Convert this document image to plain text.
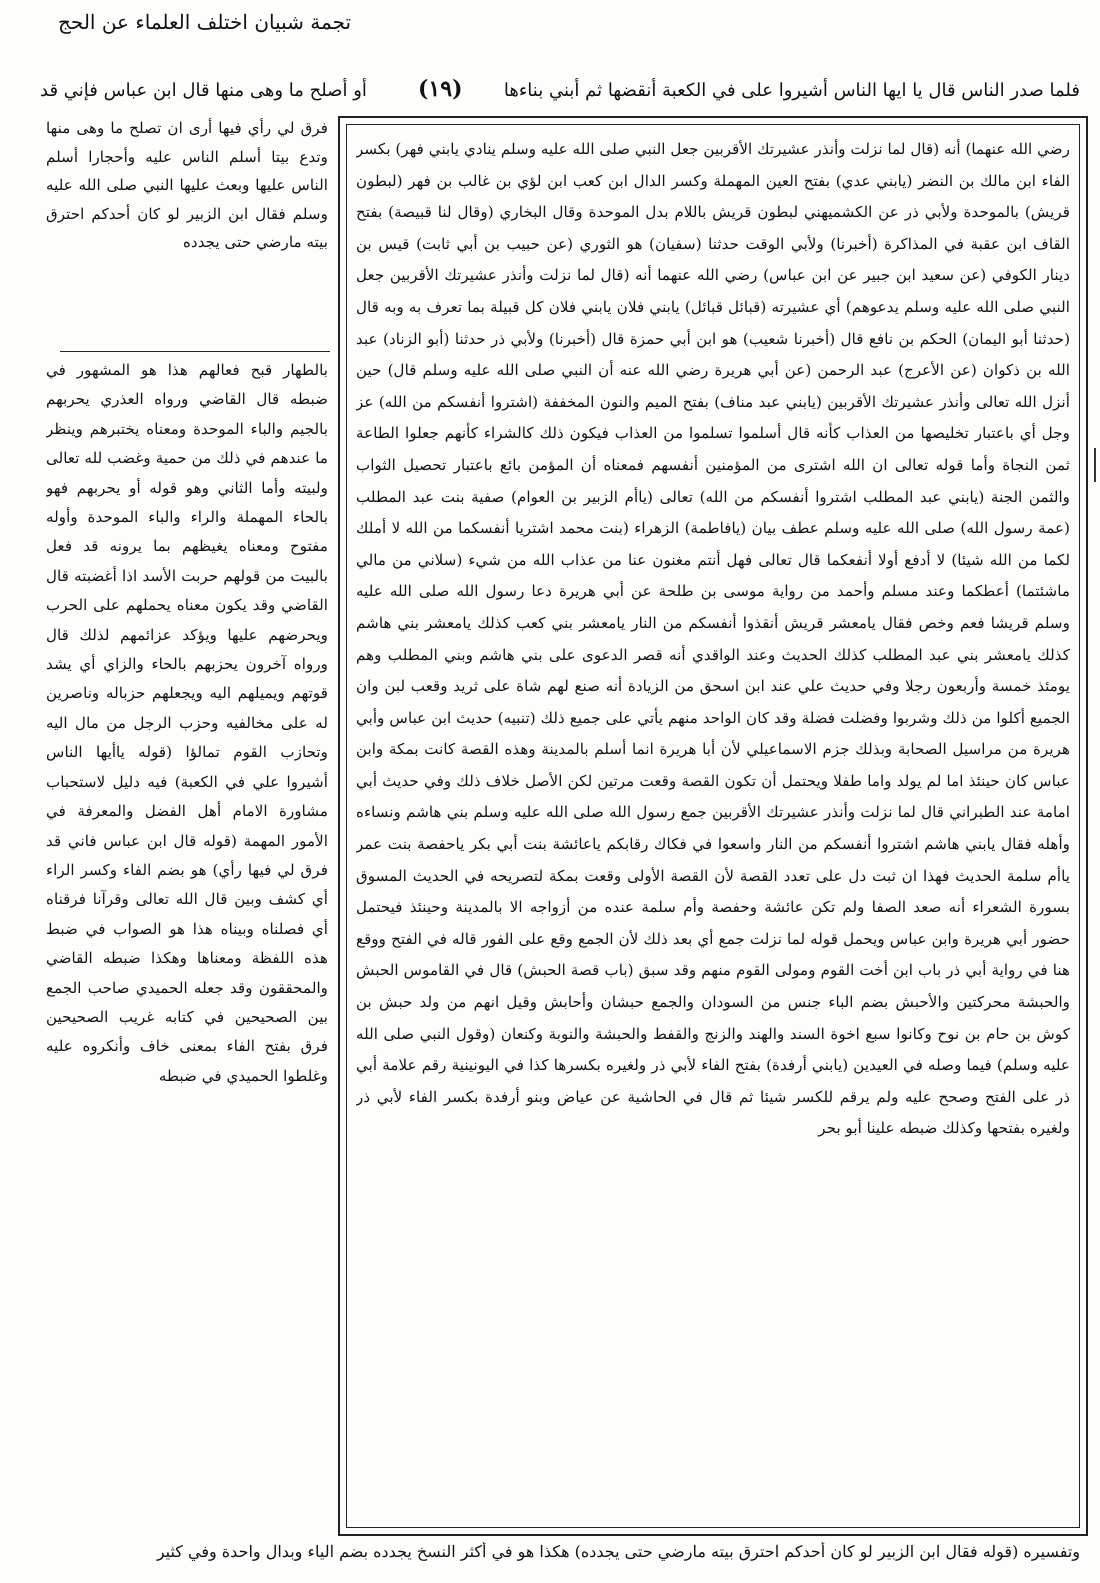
تجمة شبيان اختلف العلماء عن الحج
فلما صدر الناس قال يا ايها الناس أشيروا على في الكعبة أنقضها ثم أبني بناءها
(١٩)
أو أصلح ما وهى منها قال ابن عباس فإني قد
رضي الله عنهما) أنه (قال لما نزلت وأنذر عشيرتك الأقربين جعل النبي صلى الله عليه وسلم ينادي يابني فهر) بكسر الفاء ابن مالك بن النضر (يابني عدي) بفتح العين المهملة وكسر الدال ابن كعب ابن لؤي بن غالب بن فهر (لبطون قريش) بالموحدة ولأبي ذر عن الكشميهني لبطون قريش باللام بدل الموحدة وقال البخاري (وقال لنا قبيصة) بفتح القاف ابن عقبة في المذاكرة (أخبرنا) ولأبي الوقت حدثنا (سفيان) هو الثوري (عن حبيب بن أبي ثابت) قيس بن دينار الكوفي (عن سعيد ابن جبير عن ابن عباس) رضي الله عنهما أنه (قال لما نزلت وأنذر عشيرتك الأقربين جعل النبي صلى الله عليه وسلم يدعوهم) أي عشيرته (قبائل قبائل) يابني فلان يابني فلان كل قبيلة بما تعرف به وبه قال (حدثنا أبو اليمان) الحكم بن نافع قال (أخبرنا شعيب) هو ابن أبي حمزة قال (أخبرنا) ولأبي ذر حدثنا (أبو الزناد) عبد الله بن ذكوان (عن الأعرج) عبد الرحمن (عن أبي هريرة رضي الله عنه أن النبي صلى الله عليه وسلم قال) حين أنزل الله تعالى وأنذر عشيرتك الأقربين (يابني عبد مناف) بفتح الميم والنون المخففة (اشتروا أنفسكم من الله) عز وجل أي باعتبار تخليصها من العذاب كأنه قال أسلموا تسلموا من العذاب فيكون ذلك كالشراء كأنهم جعلوا الطاعة ثمن النجاة وأما قوله تعالى ان الله اشترى من المؤمنين أنفسهم فمعناه أن المؤمن بائع باعتبار تحصيل الثواب والثمن الجنة (يابني عبد المطلب اشتروا أنفسكم من الله) تعالى (ياأم الزبير بن العوام) صفية بنت عبد المطلب (عمة رسول الله) صلى الله عليه وسلم عطف بيان (يافاطمة) الزهراء (بنت محمد اشتريا أنفسكما من الله لا أملك لكما من الله شيئا) لا أدفع أولا أنفعكما قال تعالى فهل أنتم مغنون عنا من عذاب الله من شيء (سلاني من مالي ماشئتما) أعطكما وعند مسلم وأحمد من رواية موسى بن طلحة عن أبي هريرة دعا رسول الله صلى الله عليه وسلم قريشا فعم وخص فقال يامعشر قريش أنقذوا أنفسكم من النار يامعشر بني كعب كذلك يامعشر بني هاشم كذلك يامعشر بني عبد المطلب كذلك الحديث وعند الواقدي أنه قصر الدعوى على بني هاشم وبني المطلب وهم يومئذ خمسة وأربعون رجلا وفي حديث علي عند ابن اسحق من الزيادة أنه صنع لهم شاة على ثريد وقعب لبن وان الجميع أكلوا من ذلك وشربوا وفضلت فضلة وقد كان الواحد منهم يأتي على جميع ذلك (تنبيه) حديث ابن عباس وأبي هريرة من مراسيل الصحابة وبذلك جزم الاسماعيلي لأن أبا هريرة انما أسلم بالمدينة وهذه القصة كانت بمكة وابن عباس كان حينئذ اما لم يولد واما طفلا ويحتمل أن تكون القصة وقعت مرتين لكن الأصل خلاف ذلك وفي حديث أبي امامة عند الطبراني قال لما نزلت وأنذر عشيرتك الأقربين جمع رسول الله صلى الله عليه وسلم بني هاشم ونساءه وأهله فقال يابني هاشم اشتروا أنفسكم من النار واسعوا في فكاك رقابكم ياعائشة بنت أبي بكر ياحفصة بنت عمر ياأم سلمة الحديث فهذا ان ثبت دل على تعدد القصة لأن القصة الأولى وقعت بمكة لتصريحه في الحديث المسوق بسورة الشعراء أنه صعد الصفا ولم تكن عائشة وحفصة وأم سلمة عنده من أزواجه الا بالمدينة وحينئذ فيحتمل حضور أبي هريرة وابن عباس ويحمل قوله لما نزلت جمع أي بعد ذلك لأن الجمع وقع على الفور قاله في الفتح ووقع هنا في رواية أبي ذر باب ابن أخت القوم ومولى القوم منهم وقد سبق (باب قصة الحبش) قال في القاموس الحبش والحبشة محركتين والأحبش بضم الباء جنس من السودان والجمع حبشان وأحابش وقيل انهم من ولد حبش بن كوش بن حام بن نوح وكانوا سبع اخوة السند والهند والزنج والقفط والحبشة والنوبة وكنعان (وقول النبي صلى الله عليه وسلم) فيما وصله في العيدين (يابني أرفدة) بفتح الفاء لأبي ذر ولغيره بكسرها كذا في اليونينية رقم علامة أبي ذر على الفتح وصحح عليه ولم يرقم للكسر شيئا ثم قال في الحاشية عن عياض وبنو أرفدة بكسر الفاء لأبي ذر ولغيره بفتحها وكذلك ضبطه علينا أبو بحر
فرق لي رأي فيها أرى ان تصلح ما وهى منها وتدع بيتا أسلم الناس عليه وأحجارا أسلم الناس عليها وبعث عليها النبي صلى الله عليه وسلم فقال ابن الزبير لو كان أحدكم احترق بيته مارضي حتى يجدده
بالطهار قبح فعالهم هذا هو المشهور في ضبطه قال القاضي ورواه العذري يحربهم بالجيم والباء الموحدة ومعناه يختبرهم وينظر ما عندهم في ذلك من حمية وغضب لله تعالى ولبيته وأما الثاني وهو قوله أو يحربهم فهو بالحاء المهملة والراء والباء الموحدة وأوله مفتوح ومعناه يغيظهم بما يرونه قد فعل بالبيت من قولهم حربت الأسد اذا أغضبته قال القاضي وقد يكون معناه يحملهم على الحرب ويحرضهم عليها ويؤكد عزائمهم لذلك قال ورواه آخرون يحزبهم بالحاء والزاي أي يشد قوتهم ويميلهم اليه ويجعلهم حزباله وناصرين له على مخالفيه وحزب الرجل من مال اليه وتحازب القوم تمالؤا (قوله ياأيها الناس أشيروا علي في الكعبة) فيه دليل لاستحباب مشاورة الامام أهل الفضل والمعرفة في الأمور المهمة (قوله قال ابن عباس فاني قد فرق لي فيها رأي) هو بضم الفاء وكسر الراء أي كشف وبين قال الله تعالى وقرآنا فرقناه أي فصلناه وبيناه هذا هو الصواب في ضبط هذه اللفظة ومعناها وهكذا ضبطه القاضي والمحققون وقد جعله الحميدي صاحب الجمع بين الصحيحين في كتابه غريب الصحيحين فرق بفتح الفاء بمعنى خاف وأنكروه عليه وغلطوا الحميدي في ضبطه
وتفسيره (قوله فقال ابن الزبير لو كان أحدكم احترق بيته مارضي حتى يجدده) هكذا هو في أكثر النسخ يجدده بضم الياء وبدال واحدة وفي كثير
